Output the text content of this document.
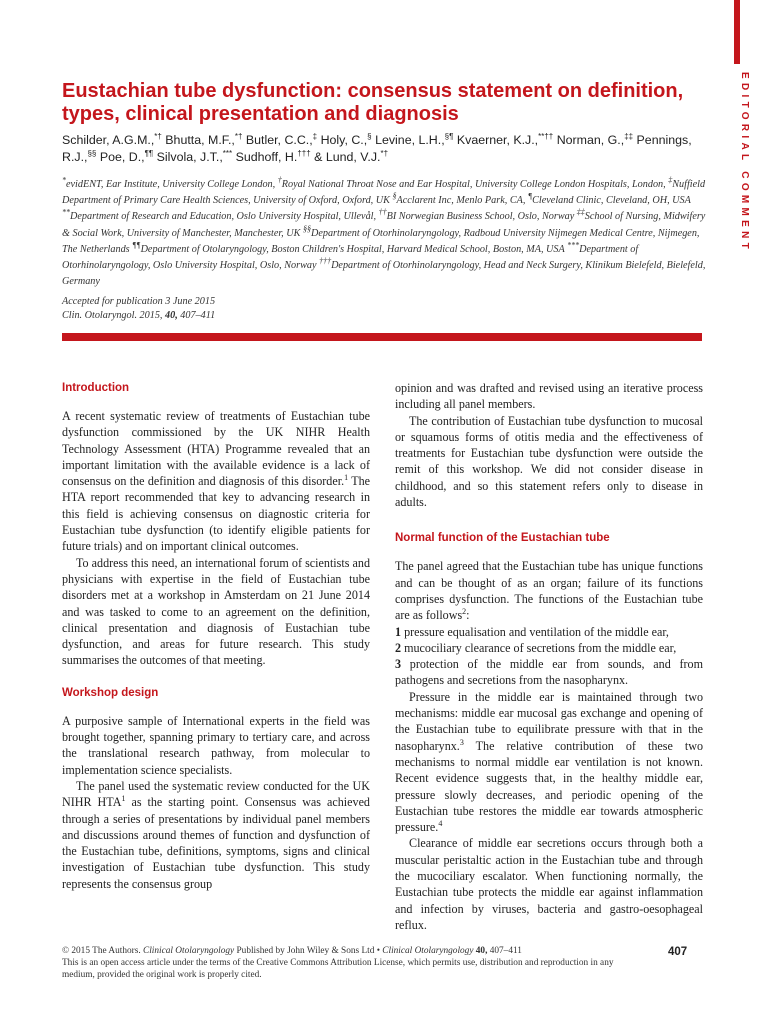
EDITORIAL COMMENT
Eustachian tube dysfunction: consensus statement on definition, types, clinical presentation and diagnosis
Schilder, A.G.M.,*† Bhutta, M.F.,*† Butler, C.C.,‡ Holy, C.,§ Levine, L.H.,§¶ Kvaerner, K.J.,**†† Norman, G.,‡‡ Pennings, R.J.,§§ Poe, D.,¶¶ Silvola, J.T.,*** Sudhoff, H.††† & Lund, V.J.*†
*evidENT, Ear Institute, University College London, †Royal National Throat Nose and Ear Hospital, University College London Hospitals, London, ‡Nuffield Department of Primary Care Health Sciences, University of Oxford, Oxford, UK §Acclarent Inc, Menlo Park, CA, ¶Cleveland Clinic, Cleveland, OH, USA **Department of Research and Education, Oslo University Hospital, Ullevål, ††BI Norwegian Business School, Oslo, Norway ‡‡School of Nursing, Midwifery & Social Work, University of Manchester, Manchester, UK §§Department of Otorhinolaryngology, Radboud University Nijmegen Medical Centre, Nijmegen, The Netherlands ¶¶Department of Otolaryngology, Boston Children's Hospital, Harvard Medical School, Boston, MA, USA ***Department of Otorhinolaryngology, Oslo University Hospital, Oslo, Norway †††Department of Otorhinolaryngology, Head and Neck Surgery, Klinikum Bielefeld, Bielefeld, Germany
Accepted for publication 3 June 2015
Clin. Otolaryngol. 2015, 40, 407–411
Introduction

A recent systematic review of treatments of Eustachian tube dysfunction commissioned by the UK NIHR Health Technology Assessment (HTA) Programme revealed that an important limitation with the available evidence is a lack of consensus on the definition and diagnosis of this disorder.$^1$ The HTA report recommended that key to advancing research in this field is achieving consensus on diagnostic criteria for Eustachian tube dysfunction (to identify eligible patients for future trials) and on important clinical outcomes.

To address this need, an international forum of scientists and physicians with expertise in the field of Eustachian tube disorders met at a workshop in Amsterdam on 21 June 2014 and was tasked to come to an agreement on the definition, clinical presentation and diagnosis of Eustachian tube dysfunction, and areas for future research. This study summarises the outcomes of that meeting.

Workshop design

A purposive sample of International experts in the field was brought together, spanning primary to tertiary care, and across the translational research pathway, from molecular to implementation science specialists.

The panel used the systematic review conducted for the UK NIHR HTA$^1$ as the starting point. Consensus was achieved through a series of presentations by individual panel members and discussions around themes of function and dysfunction of the Eustachian tube, definitions, symptoms, signs and clinical investigation of Eustachian tube dysfunction. This study represents the consensus group

opinion and was drafted and revised using an iterative process including all panel members.

The contribution of Eustachian tube dysfunction to mucosal or squamous forms of otitis media and the effectiveness of treatments for Eustachian tube dysfunction were outside the remit of this workshop. We did not consider disease in childhood, and so this statement refers only to disease in adults.

Normal function of the Eustachian tube

The panel agreed that the Eustachian tube has unique functions and can be thought of as an organ; failure of its functions comprises dysfunction. The functions of the Eustachian tube are as follows$^2$:

1 pressure equalisation and ventilation of the middle ear,

2 mucociliary clearance of secretions from the middle ear,

3 protection of the middle ear from sounds, and from pathogens and secretions from the nasopharynx.

Pressure in the middle ear is maintained through two mechanisms: middle ear mucosal gas exchange and opening of the Eustachian tube to equilibrate pressure with that in the nasopharynx.$^3$ The relative contribution of these two mechanisms to normal middle ear ventilation is not known. Recent evidence suggests that, in the healthy middle ear, pressure slowly decreases, and periodic opening of the Eustachian tube restores the middle ear towards atmospheric pressure.$^4$

Clearance of middle ear secretions occurs through both a muscular peristaltic action in the Eustachian tube and through the mucociliary escalator. When functioning normally, the Eustachian tube protects the middle ear against inflammation and infection by viruses, bacteria and gastro-oesophageal reflux.

© 2015 The Authors. Clinical Otolaryngology Published by John Wiley & Sons Ltd • Clinical Otolaryngology 40, 407–411
This is an open access article under the terms of the Creative Commons Attribution License, which permits use, distribution and reproduction in any medium, provided the original work is properly cited.
407
